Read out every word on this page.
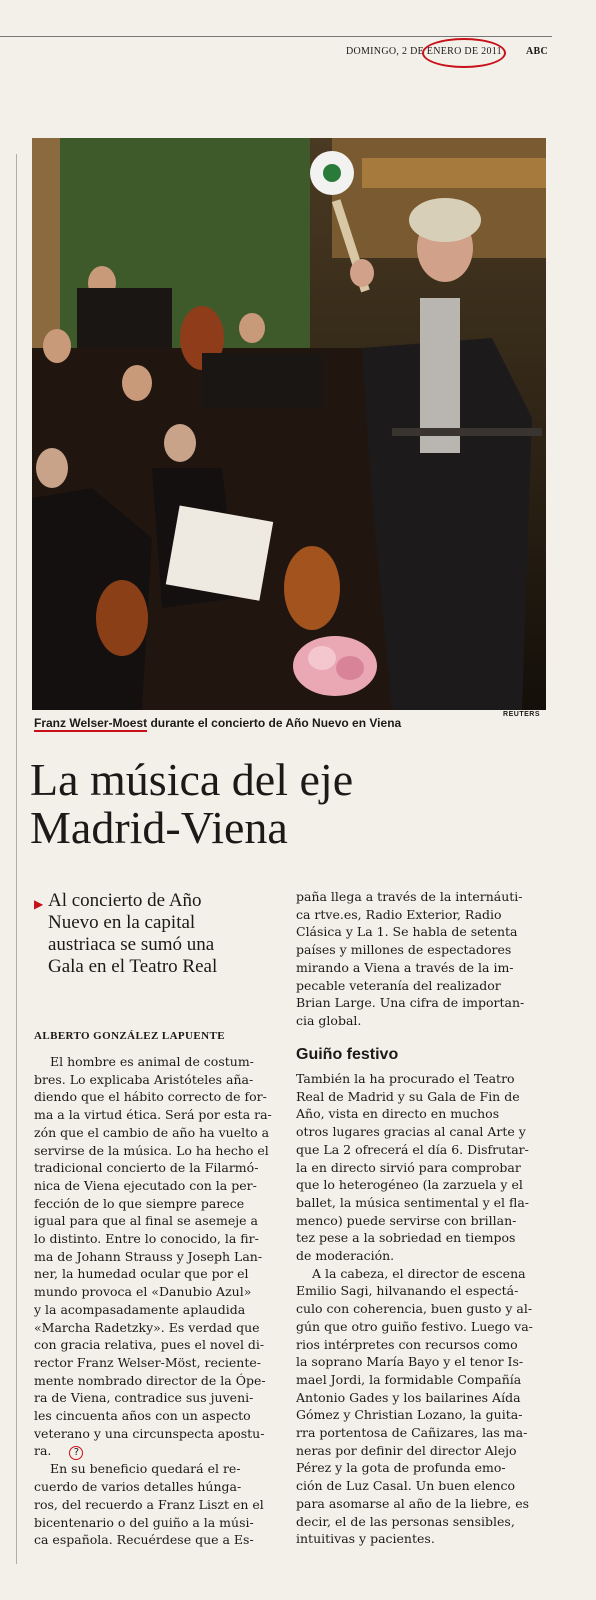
DOMINGO, 2 DE ENERO DE 2011 ABC
REUTERS
Franz Welser-Moest durante el concierto de Año Nuevo en Viena
La música del eje
Madrid-Viena
▶ Al concierto de Año
Nuevo en la capital
austriaca se sumó una
Gala en el Teatro Real
ALBERTO GONZÁLEZ LAPUENTE
El hombre es animal de costum-
bres. Lo explicaba Aristóteles aña-
diendo que el hábito correcto de for-
ma a la virtud ética. Será por esta ra-
zón que el cambio de año ha vuelto a
servirse de la música. Lo ha hecho el
tradicional concierto de la Filarmó-
nica de Viena ejecutado con la per-
fección de lo que siempre parece
igual para que al final se asemeje a
lo distinto. Entre lo conocido, la fir-
ma de Johann Strauss y Joseph Lan-
ner, la humedad ocular que por el
mundo provoca el «Danubio Azul»
y la acompasadamente aplaudida
«Marcha Radetzky». Es verdad que
con gracia relativa, pues el novel di-
rector Franz Welser-Möst, reciente-
mente nombrado director de la Ópe-
ra de Viena, contradice sus juveni-
les cincuenta años con un aspecto
veterano y una circunspecta apostu-
ra. ?
En su beneficio quedará el re-
cuerdo de varios detalles húnga-
ros, del recuerdo a Franz Liszt en el
bicentenario o del guiño a la músi-
ca española. Recuérdese que a Es-
paña llega a través de la internáuti-
ca rtve.es, Radio Exterior, Radio
Clásica y La 1. Se habla de setenta
países y millones de espectadores
mirando a Viena a través de la im-
pecable veteranía del realizador
Brian Large. Una cifra de importan-
cia global.
Guiño festivo
También la ha procurado el Teatro
Real de Madrid y su Gala de Fin de
Año, vista en directo en muchos
otros lugares gracias al canal Arte y
que La 2 ofrecerá el día 6. Disfrutar-
la en directo sirvió para comprobar
que lo heterogéneo (la zarzuela y el
ballet, la música sentimental y el fla-
menco) puede servirse con brillan-
tez pese a la sobriedad en tiempos
de moderación.
A la cabeza, el director de escena
Emilio Sagi, hilvanando el espectá-
culo con coherencia, buen gusto y al-
gún que otro guiño festivo. Luego va-
rios intérpretes con recursos como
la soprano María Bayo y el tenor Is-
mael Jordi, la formidable Compañía
Antonio Gades y los bailarines Aída
Gómez y Christian Lozano, la guita-
rra portentosa de Cañizares, las ma-
neras por definir del director Alejo
Pérez y la gota de profunda emo-
ción de Luz Casal. Un buen elenco
para asomarse al año de la liebre, es
decir, el de las personas sensibles,
intuitivas y pacientes.
